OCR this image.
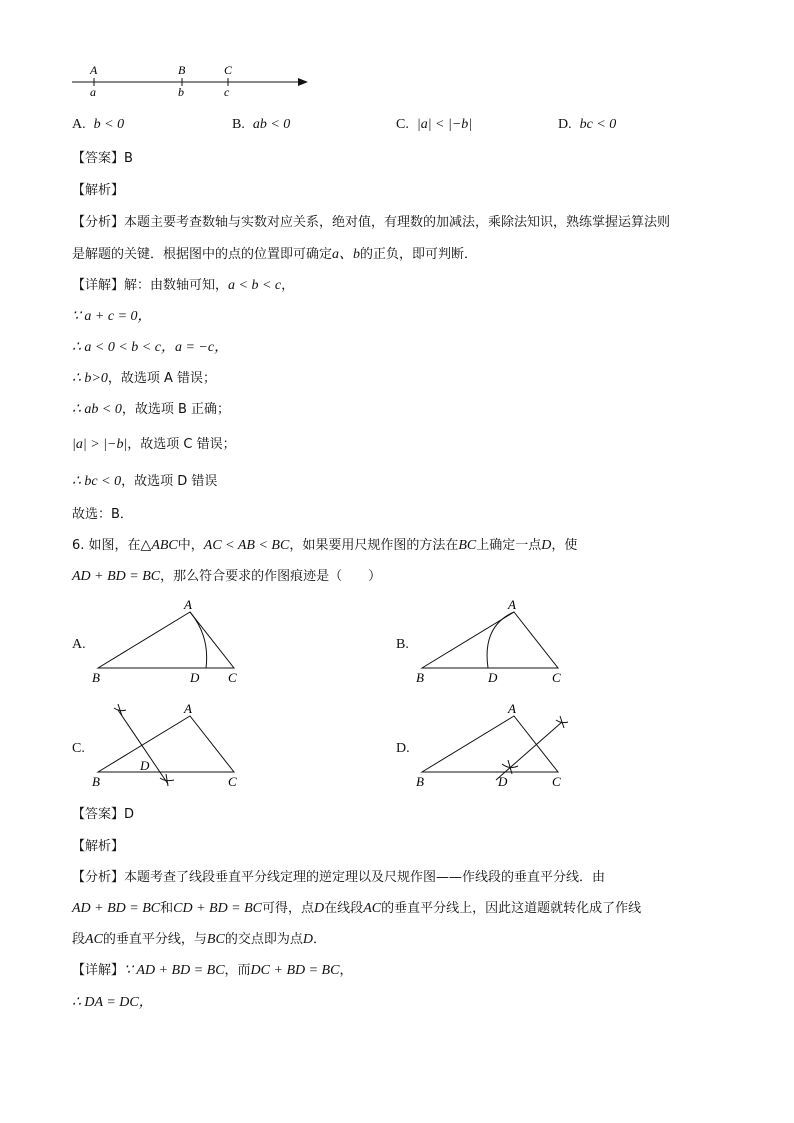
A	B	C
a	b	c
A. b < 0	B. ab < 0	C. |a| < |−b|	D. bc < 0
【答案】B
【解析】
【分析】本题主要考查数轴与实数对应关系，绝对值，有理数的加减法，乘除法知识，熟练掌握运算法则
是解题的关键．根据图中的点的位置即可确定a、b的正负，即可判断．
【详解】解：由数轴可知，a < b < c，
∵ a + c = 0，
∴ a < 0 < b < c，a = −c，
∴ b>0，故选项 A 错误；
∴ ab < 0，故选项 B 正确；
|a| > |−b|，故选项 C 错误；
∴ bc < 0，故选项 D 错误
故选：B．
6. 如图，在△ABC中，AC < AB < BC，如果要用尺规作图的方法在BC上确定一点D，使
AD + BD = BC，那么符合要求的作图痕迹是（　　）
A.	B.
C.	D.
A
B	D C
A
B	D	C
A
B
D
C
A
B	D	C
【答案】D
【解析】
【分析】本题考查了线段垂直平分线定理的逆定理以及尺规作图——作线段的垂直平分线．由
AD + BD = BC和CD + BD = BC可得，点D在线段AC的垂直平分线上，因此这道题就转化成了作线
段AC的垂直平分线，与BC的交点即为点D．
【详解】∵ AD + BD = BC，而DC + BD = BC，
∴ DA = DC，
